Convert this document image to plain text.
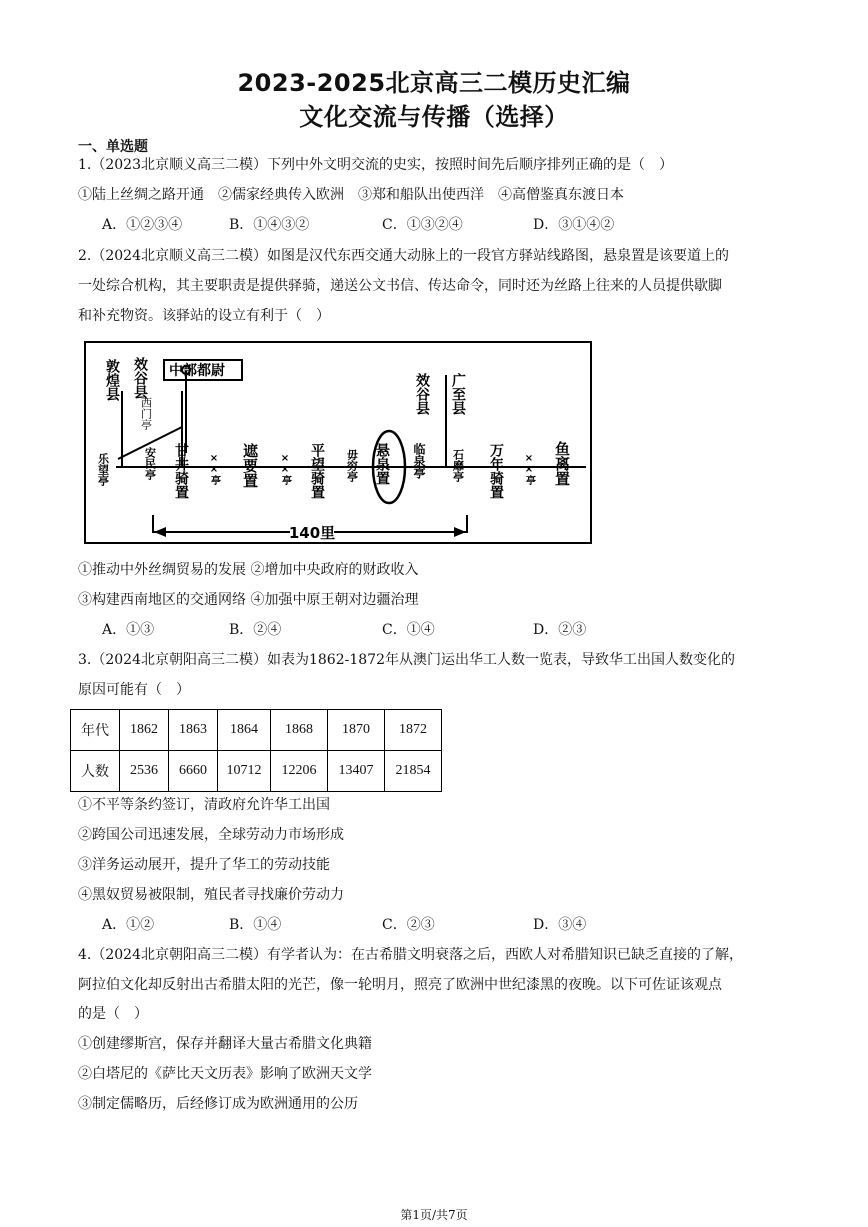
2023-2025北京高三二模历史汇编
文化交流与传播（选择）
一、单选题
1.（2023北京顺义高三二模）下列中外文明交流的史实，按照时间先后顺序排列正确的是（　）
①陆上丝绸之路开通　②儒家经典传入欧洲　③郑和船队出使西洋　④高僧鉴真东渡日本
A．①②③④	B．①④③②	C．①③②④	D．③①④②
2.（2024北京顺义高三二模）如图是汉代东西交通大动脉上的一段官方驿站线路图，悬泉置是该要道上的
一处综合机构，其主要职责是提供驿骑，递送公文书信、传达命令，同时还为丝路上往来的人员提供歇脚
和补充物资。该驿站的设立有利于（　）
敦煌县 效谷县 中部都尉
效谷县 广至县
西门亭
乐望亭	安民亭 甘井骑置 ××亭 遮要置 ××亭 平望骑置 毋穷亭 悬泉置 临泉亭 石靡亭 万年骑置 ××亭 鱼离置
140里
①推动中外丝绸贸易的发展 ②增加中央政府的财政收入
③构建西南地区的交通网络 ④加强中原王朝对边疆治理
A．①③	B．②④	C．①④	D．②③
3.（2024北京朝阳高三二模）如表为1862-1872年从澳门运出华工人数一览表，导致华工出国人数变化的
原因可能有（　）
年代	1862	1863	1864	1868	1870	1872
人数	2536	6660	10712	12206	13407	21854
①不平等条约签订，清政府允许华工出国
②跨国公司迅速发展，全球劳动力市场形成
③洋务运动展开，提升了华工的劳动技能
④黑奴贸易被限制，殖民者寻找廉价劳动力
A．①②	B．①④	C．②③	D．③④
4.（2024北京朝阳高三二模）有学者认为：在古希腊文明衰落之后，西欧人对希腊知识已缺乏直接的了解，
阿拉伯文化却反射出古希腊太阳的光芒，像一轮明月，照亮了欧洲中世纪漆黑的夜晚。以下可佐证该观点
的是（　）
①创建缪斯宫，保存并翻译大量古希腊文化典籍
②白塔尼的《萨比天文历表》影响了欧洲天文学
③制定儒略历，后经修订成为欧洲通用的公历
第1页/共7页
